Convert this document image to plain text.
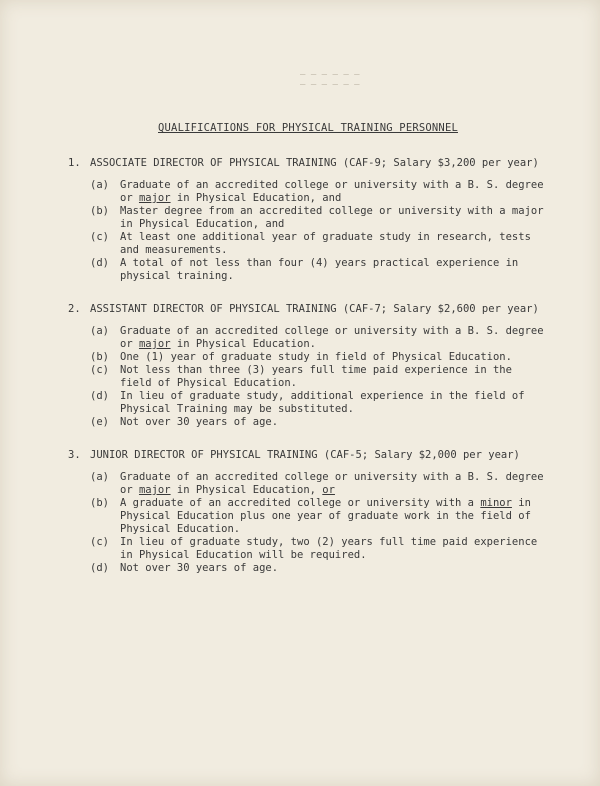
— — — — — —
— — — — — —
QUALIFICATIONS FOR PHYSICAL TRAINING PERSONNEL
1. ASSOCIATE DIRECTOR OF PHYSICAL TRAINING (CAF-9; Salary $3,200 per year)
(a)	Graduate of an accredited college or university with a B. S. degree
or major in Physical Education, and
(b)	Master degree from an accredited college or university with a major in Physical Education, and
(c)	At least one additional year of graduate study in research, tests and measurements.
(d)	A total of not less than four (4) years practical experience in physical training.
2. ASSISTANT DIRECTOR OF PHYSICAL TRAINING (CAF-7; Salary $2,600 per year)
(a)	Graduate of an accredited college or university with a B. S. degree
or major in Physical Education.
(b)	One (1) year of graduate study in field of Physical Education.
(c)	Not less than three (3) years full time paid experience in the field of Physical Education.
(d)	In lieu of graduate study, additional experience in the field of Physical Training may be substituted.
(e)	Not over 30 years of age.
3. JUNIOR DIRECTOR OF PHYSICAL TRAINING (CAF-5; Salary $2,000 per year)
(a)	Graduate of an accredited college or university with a B. S. degree
or major in Physical Education, or
(b)	A graduate of an accredited college or university with a minor in Physical Education plus one year of graduate work in the field of Physical Education.
(c)	In lieu of graduate study, two (2) years full time paid experience in Physical Education will be required.
(d)	Not over 30 years of age.
